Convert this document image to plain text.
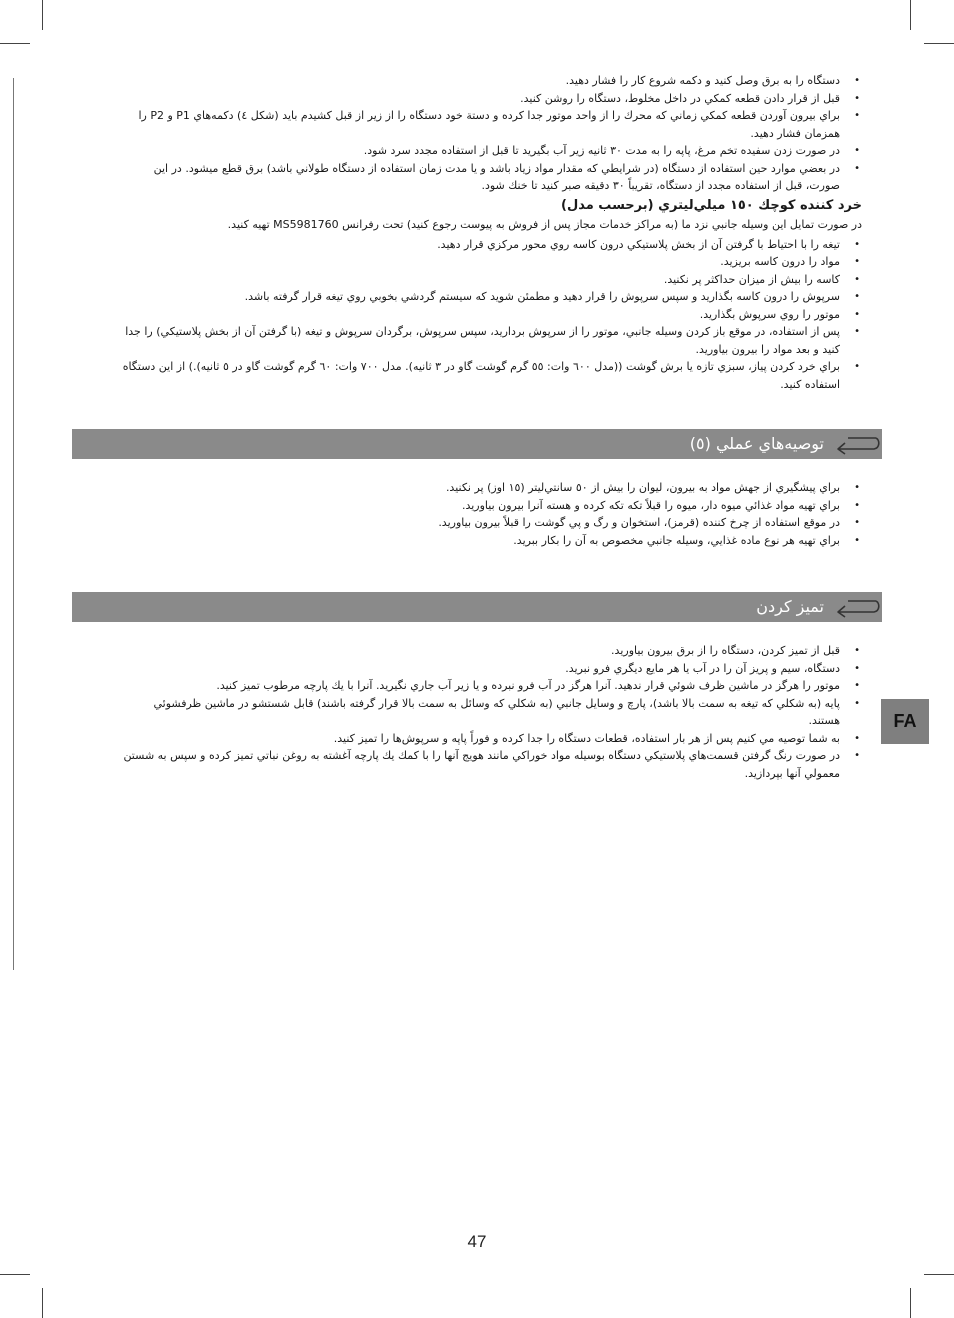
• دستگاه را به برق وصل كنيد و دكمه شروع كار را فشار دهيد.
• قبل از قرار دادن قطعه كمكي در داخل مخلوط، دستگاه را روشن كنيد.
• براي بيرون آوردن قطعه كمكي زماني كه محرك را از واحد موتور جدا كرده و دستة خود دستگاه را از زير از قبل كشيدم بايد (شكل ٤) دكمه‌هاي P1 و P2 را همزمان فشار دهيد.
• در صورت زدن سفيده تخم مرغ، پاپه را به مدت ٣٠ ثانيه زير آب بگيريد تا قبل از استفاده مجدد سرد شود.
• در بعضي موارد حين استفاده از دستگاه (در شرايطي كه مقدار مواد زياد باشد و يا مدت زمان استفاده از دستگاه طولاني باشد) برق قطع ميشود. در اين صورت، قبل از استفاده مجدد از دستگاه، تقريباً ٣٠ دقيقه صبر كنيد تا خنك شود.
خرد كننده كوچك ١٥٠ ميلي‌ليتري (برحسب مدل)

در صورت تمايل اين وسيله جانبي نزد ما (به مراكز خدمات مجاز پس از فروش به پيوست رجوع كنيد) تحت رفرانس MS5981760 تهيه كنيد.

• تيغه را با احتياط با گرفتن آن از بخش پلاستيكي درون كاسه روي محور مركزي قرار دهيد.
• مواد را درون كاسه بريزيد.
• كاسه را بيش از ميزان حداكثر پر نكنيد.
• سرپوش را درون كاسه بگذاريد و سپس سرپوش را قرار دهيد و مطمئن شويد كه سيستم گردشي بخوبي روي تيغه قرار گرفته باشد.
• موتور را روي سرپوش بگذاريد.
• پس از استفاده، در موقع باز كردن وسيله جانبي، موتور را از سرپوش برداريد، سپس سرپوش، برگردان سرپوش و تيغه (با گرفتن آن از بخش پلاستيكي) را جدا كنيد و بعد مواد را بيرون بياوريد.
• براي خرد كردن پياز، سبزي تازه يا برش گوشت ((مدل ٦٠٠ وات: ٥٥ گرم گوشت گاو در ٣ ثانيه). مدل ٧٠٠ وات: ٦٠ گرم گوشت گاو در ٥ ثانيه).) از اين دستگاه استفاده كنيد.
توصيه‌هاي عملي (٥)
• براي پيشگيري از جهش مواد به بيرون، ليوان را بيش از ٥٠ سانتي‌ليتر (١٥ اوز) پر نكنيد.
• براي تهيه مواد غذائي ميوه دار، ميوه را قبلاً تكه تكه كرده و هسته آنرا بيرون بياوريد.
• در موقع استفاده از چرخ كننده (قرمز)، استخوان و رگ و پي گوشت را قبلاً بيرون بياوريد.
• براي تهيه هر نوع ماده غذايي، وسيله جانبي مخصوص به آن را بكار ببريد.
تميز كردن
• قبل از تميز كردن، دستگاه را از برق بيرون بياوريد.
• دستگاه، سيم و پريز آن را در آب يا هر مايع ديگري فرو نبريد.
• موتور را هرگز در ماشين ظرف شوئي قرار ندهيد. آنرا هرگز در آب فرو نبرده و يا زير آب جاري نگيريد. آنرا با يك پارچه مرطوب تميز كنيد.
• پايه (به شكلي كه تيغه به سمت بالا باشد)، پارچ و وسايل جانبي (به شكلي كه وسائل به سمت بالا قرار گرفته باشند) قابل شستشو در ماشين ظرفشوئي هستند.
• به شما توصيه مي كنيم پس از هر بار استفاده، قطعات دستگاه را جدا كرده و فوراً پاپه و سرپوش‌ها را تميز كنيد.
• در صورت رنگ گرفتن قسمت‌هاي پلاستيكي دستگاه بوسيله مواد خوراكي مانند هويج آنها را با كمك يك پارچه آغشته به روغن نباتي تميز كرده و سپس به شستن معمولي آنها بپردازيد.
FA
47
